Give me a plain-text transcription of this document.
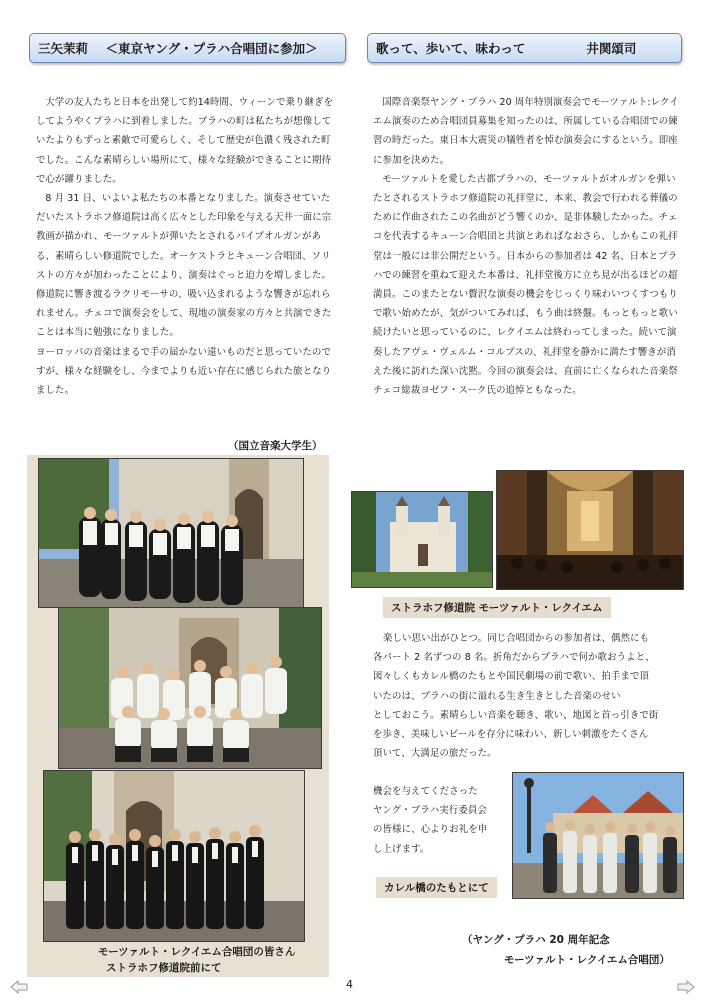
三矢茉莉 ＜東京ヤング・プラハ合唱団に参加＞

大学の友人たちと日本を出発して約14時間、ウィーンで乗り継ぎをしてようやくプラハに到着しました。プラハの町は私たちが想像していたよりもずっと素敵で可愛らしく、そして歴史が色濃く残された町でした。こんな素晴らしい場所にて、様々な経験ができることに期待で心が躍りました。

8 月 31 日、いよいよ私たちの本番となりました。演奏させていただいたストラホフ修道院は高く広々とした印象を与える天井一面に宗教画が描かれ、モーツァルトが弾いたとされるパイプオルガンがある、素晴らしい修道院でした。オーケストラとキューン合唱団、ソリストの方々が加わったことにより、演奏はぐっと迫力を増しました。修道院に響き渡るラクリモーサの、吸い込まれるような響きが忘れられません。チェコで演奏会をして、現地の演奏家の方々と共演できたことは本当に勉強になりました。

ヨーロッパの音楽はまるで手の届かない遠いものだと思っていたのですが、様々な経験をし、今までよりも近い存在に感じられた旅となりました。

（国立音楽大学生）
モーツァルト・レクイエム合唱団の皆さん
ストラホフ修道院前にて
歌って、歩いて、味わって	井関頌司

国際音楽祭ヤング・プラハ 20 周年特別演奏会でモーツァルト:レクイエム演奏のため合唱団員募集を知ったのは、所属している合唱団での練習の時だった。東日本大震災の犠牲者を悼む演奏会にするという。即座に参加を決めた。

モーツァルトを愛した古都プラハの、モーツァルトがオルガンを弾いたとされるストラホフ修道院の礼拝堂に、本来、教会で行われる葬儀のために作曲されたこの名曲がどう響くのか、是非体験したかった。チェコを代表するキューン合唱団と共演とあればなおさら、しかもこの礼拝堂は一般には非公開だという。日本からの参加者は 42 名、日本とプラハでの練習を重ねて迎えた本番は、礼拝堂後方に立ち見が出るほどの超満員。このまたとない贅沢な演奏の機会をじっくり味わいつくすつもりで歌い始めたが、気がついてみれば、もう曲は終盤。もっともっと歌い続けたいと思っているのに、レクイエムは終わってしまった。続いて演奏したアヴェ・ヴェルム・コルプスの、礼拝堂を静かに満たす響きが消えた後に訪れた深い沈黙。今回の演奏会は、直前に亡くなられた音楽祭チェコ総裁ヨゼフ・スーク氏の追悼ともなった。

ストラホフ修道院 モーツァルト・レクイエム
楽しい思い出がひとつ。同じ合唱団からの参加者は、偶然にも
各パート 2 名ずつの 8 名。折角だからプラハで何か歌おうよと、
図々しくもカレル橋のたもとや国民劇場の前で歌い、拍手まで頂
いたのは、プラハの街に溢れる生き生きとした音楽のせい
としておこう。素晴らしい音楽を聴き、歌い、地図と首っ引きで街
を歩き、美味しいビールを存分に味わい、新しい刺激をたくさん
頂いて、大満足の旅だった。
機会を与えてくださった
ヤング・プラハ実行委員会
の皆様に、心よりお礼を申
し上げます。
カレル橋のたもとにて
（ヤング・プラハ 20 周年記念
モーツァルト・レクイエム合唱団）
4
